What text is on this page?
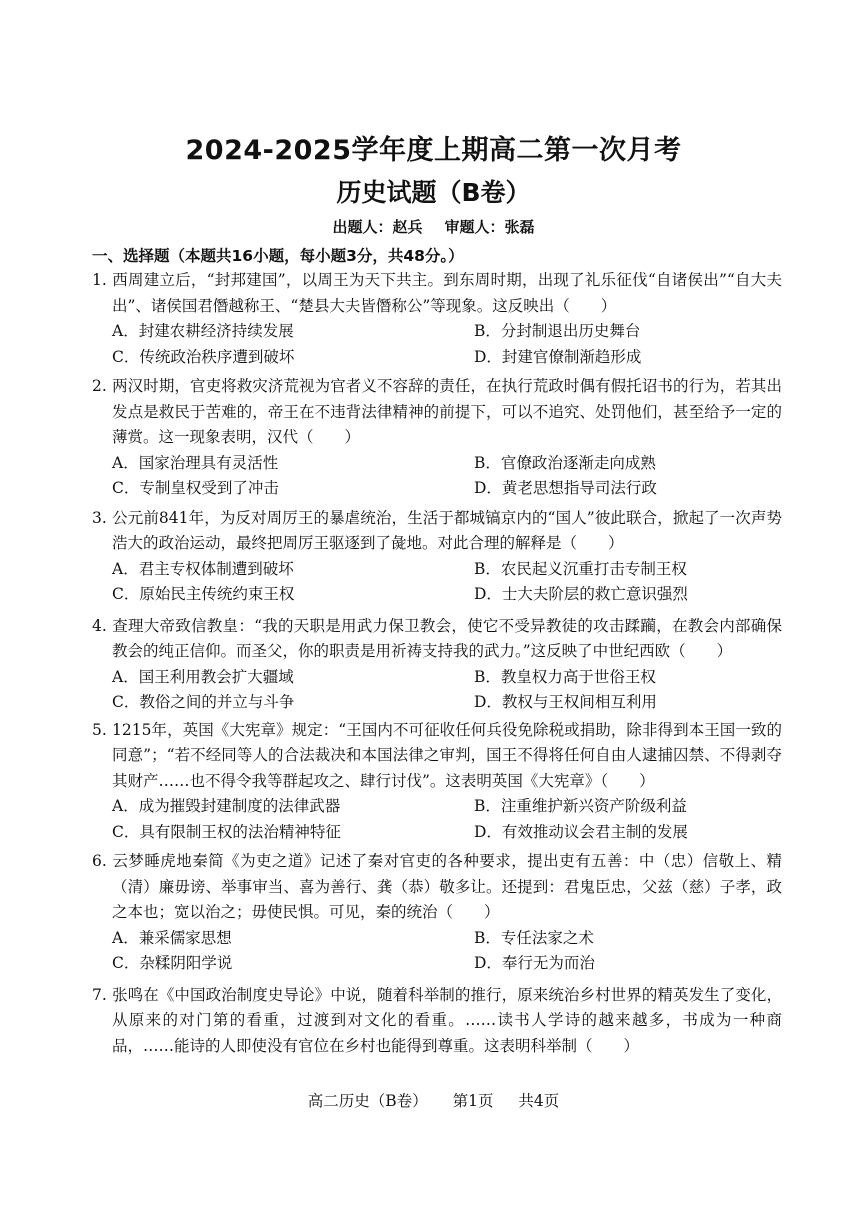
2024-2025学年度上期高二第一次月考
历史试题（B卷）
出题人：赵兵 审题人：张磊
一、选择题（本题共16小题，每小题3分，共48分。）
1. 西周建立后，“封邦建国”，以周王为天下共主。到东周时期，出现了礼乐征伐“自诸侯出”“自大夫出”、诸侯国君僭越称王、“楚县大夫皆僭称公”等现象。这反映出（　　）
A．封建农耕经济持续发展	B．分封制退出历史舞台
C．传统政治秩序遭到破坏	D．封建官僚制渐趋形成
2. 两汉时期，官吏将救灾济荒视为官者义不容辞的责任，在执行荒政时偶有假托诏书的行为，若其出发点是救民于苦难的，帝王在不违背法律精神的前提下，可以不追究、处罚他们，甚至给予一定的薄赏。这一现象表明，汉代（　　）
A．国家治理具有灵活性	B．官僚政治逐渐走向成熟
C．专制皇权受到了冲击	D．黄老思想指导司法行政
3. 公元前841年，为反对周厉王的暴虐统治，生活于都城镐京内的“国人”彼此联合，掀起了一次声势浩大的政治运动，最终把周厉王驱逐到了彘地。对此合理的解释是（　　）
A．君主专权体制遭到破坏	B．农民起义沉重打击专制王权
C．原始民主传统约束王权	D．士大夫阶层的救亡意识强烈
4. 查理大帝致信教皇：“我的天职是用武力保卫教会，使它不受异教徒的攻击蹂躏，在教会内部确保教会的纯正信仰。而圣父，你的职责是用祈祷支持我的武力。”这反映了中世纪西欧（　　）
A．国王利用教会扩大疆域	B．教皇权力高于世俗王权
C．教俗之间的并立与斗争	D．教权与王权间相互利用
5. 1215年，英国《大宪章》规定：“王国内不可征收任何兵役免除税或捐助，除非得到本王国一致的同意”；“若不经同等人的合法裁决和本国法律之审判，国王不得将任何自由人逮捕囚禁、不得剥夺其财产……也不得令我等群起攻之、肆行讨伐”。这表明英国《大宪章》（　　）
A．成为摧毁封建制度的法律武器	B．注重维护新兴资产阶级利益
C．具有限制王权的法治精神特征	D．有效推动议会君主制的发展
6. 云梦睡虎地秦简《为吏之道》记述了秦对官吏的各种要求，提出吏有五善：中（忠）信敬上、精（清）廉毋谤、举事审当、喜为善行、龚（恭）敬多让。还提到：君鬼臣忠，父兹（慈）子孝，政之本也；宽以治之；毋使民惧。可见，秦的统治（　　）
A．兼采儒家思想	B．专任法家之术
C．杂糅阴阳学说	D．奉行无为而治
7. 张鸣在《中国政治制度史导论》中说，随着科举制的推行，原来统治乡村世界的精英发生了变化，从原来的对门第的看重，过渡到对文化的看重。……读书人学诗的越来越多，书成为一种商品，……能诗的人即使没有官位在乡村也能得到尊重。这表明科举制（　　）
高二历史（B卷） 第1页 共4页
